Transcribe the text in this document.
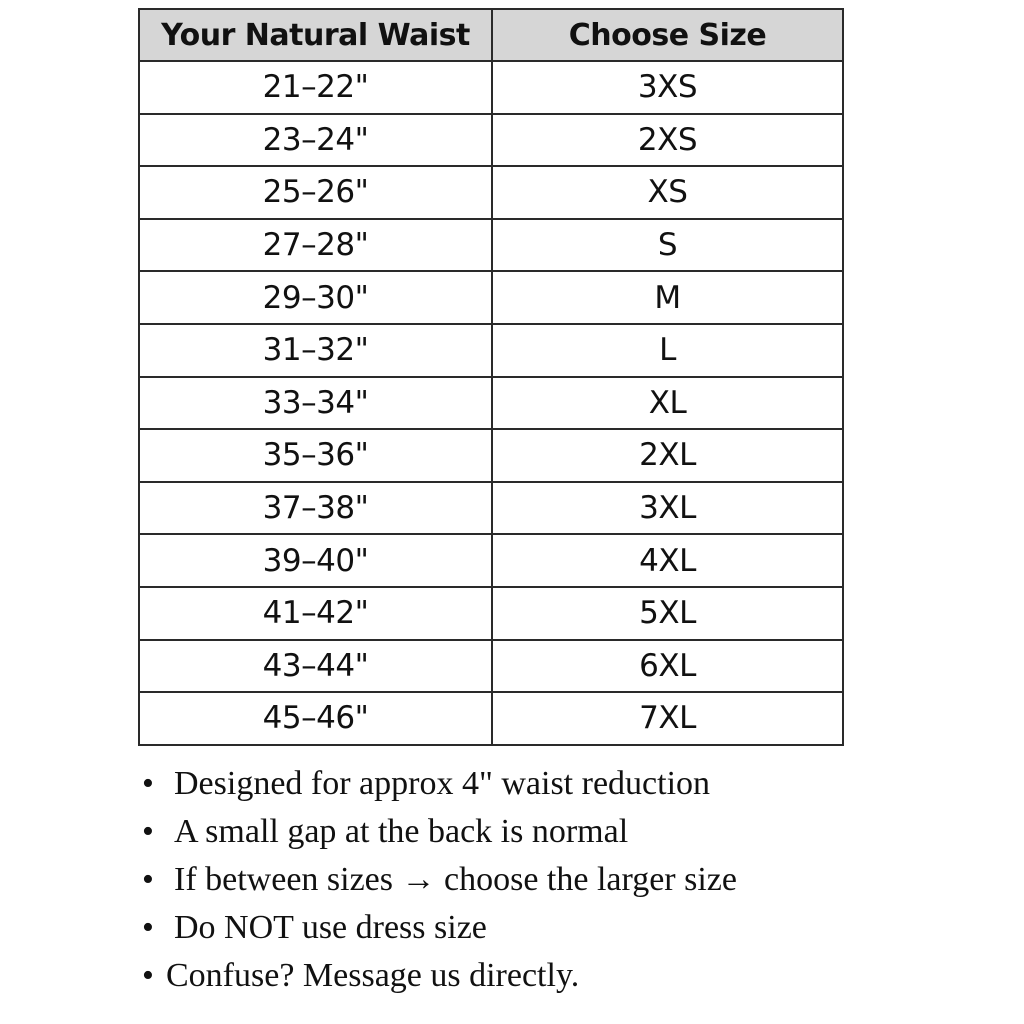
Your Natural Waist	Choose Size
21–22"	3XS
23–24"	2XS
25–26"	XS
27–28"	S
29–30"	M
31–32"	L
33–34"	XL
35–36"	2XL
37–38"	3XL
39–40"	4XL
41–42"	5XL
43–44"	6XL
45–46"	7XL
• Designed for approx 4" waist reduction
• A small gap at the back is normal
• If between sizes → choose the larger size
• Do NOT use dress size
• Confuse? Message us directly.
